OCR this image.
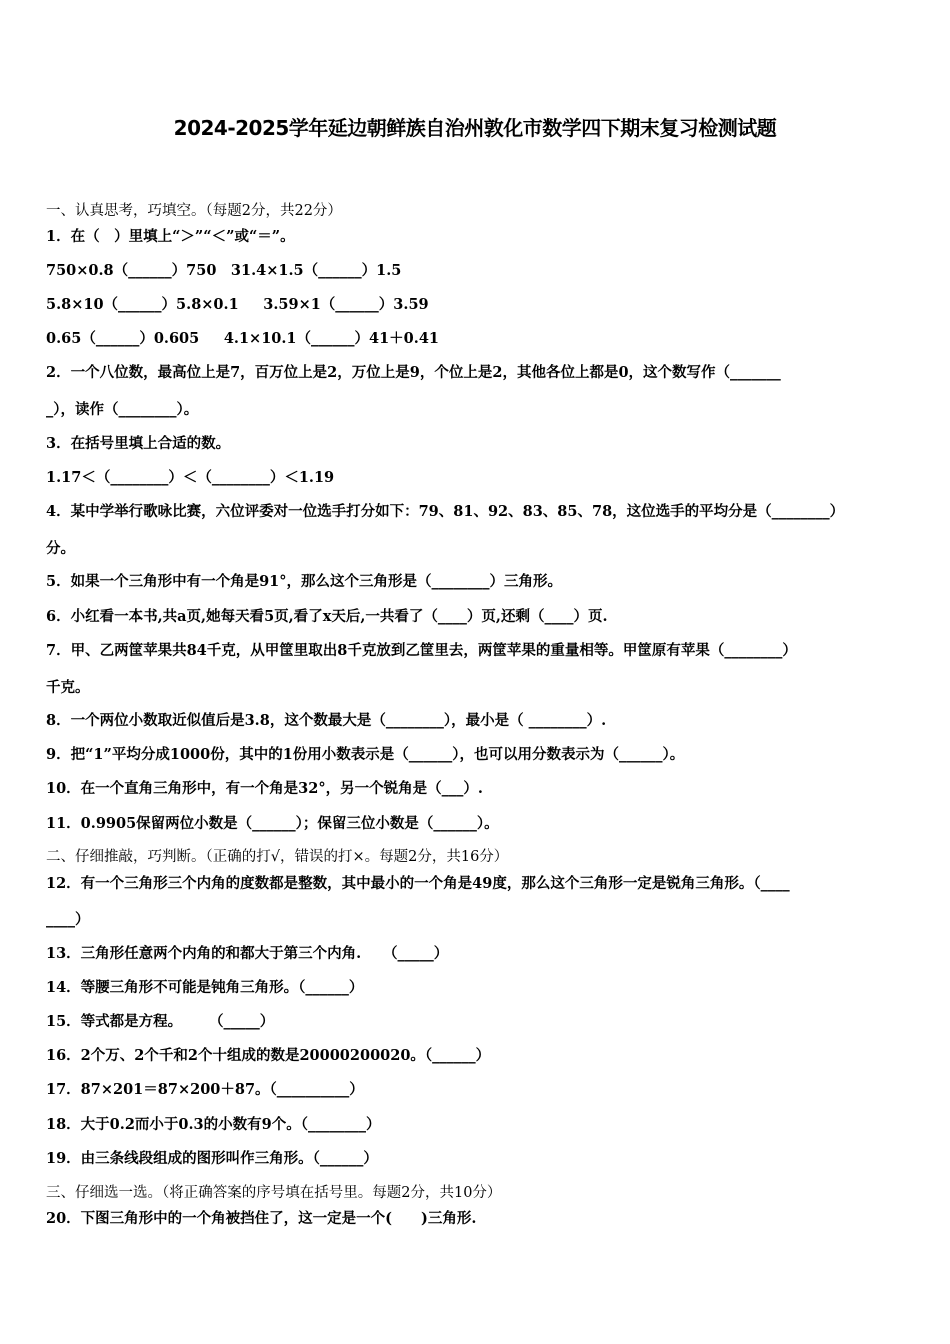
2024-2025学年延边朝鲜族自治州敦化市数学四下期末复习检测试题
一、认真思考，巧填空。（每题2分，共22分）
1．在（　）里填上“＞”“＜”或“＝”。
750×0.8（______）750　31.4×1.5（______）1.5
5.8×10（______）5.8×0.1　  3.59×1（______）3.59
0.65（______）0.605　  4.1×10.1（______）41＋0.41
2．一个八位数，最高位上是7，百万位上是2，万位上是9，个位上是2，其他各位上都是0，这个数写作（_______
_），读作（________）。
3．在括号里填上合适的数。
1.17＜（________）＜（________）＜1.19
4．某中学举行歌咏比赛，六位评委对一位选手打分如下：79、81、92、83、85、78，这位选手的平均分是（________）
分。
5．如果一个三角形中有一个角是91°，那么这个三角形是（________）三角形。
6．小红看一本书,共a页,她每天看5页,看了x天后,一共看了（____）页,还剩（____）页.
7．甲、乙两筐苹果共84千克，从甲筐里取出8千克放到乙筐里去，两筐苹果的重量相等。甲筐原有苹果（________）
千克。
8．一个两位小数取近似值后是3.8，这个数最大是（________），最小是（ ________）.
9．把“1”平均分成1000份，其中的1份用小数表示是（______），也可以用分数表示为（______）。
10．在一个直角三角形中，有一个角是32°，另一个锐角是（___）.
11．0.9905保留两位小数是（______）；保留三位小数是（______）。
二、仔细推敲，巧判断。（正确的打√，错误的打×。每题2分，共16分）
12．有一个三角形三个内角的度数都是整数，其中最小的一个角是49度，那么这个三角形一定是锐角三角形。（____
____）
13．三角形任意两个内角的和都大于第三个内角.　　（_____）
14．等腰三角形不可能是钝角三角形。（______）
15．等式都是方程。　　 （_____）
16．2个万、2个千和2个十组成的数是20000200020。（______）
17．87×201＝87×200＋87。（__________）
18．大于0.2而小于0.3的小数有9个。（________）
19．由三条线段组成的图形叫作三角形。（______）
三、仔细选一选。（将正确答案的序号填在括号里。每题2分，共10分）
20．下图三角形中的一个角被挡住了，这一定是一个(　　)三角形.
